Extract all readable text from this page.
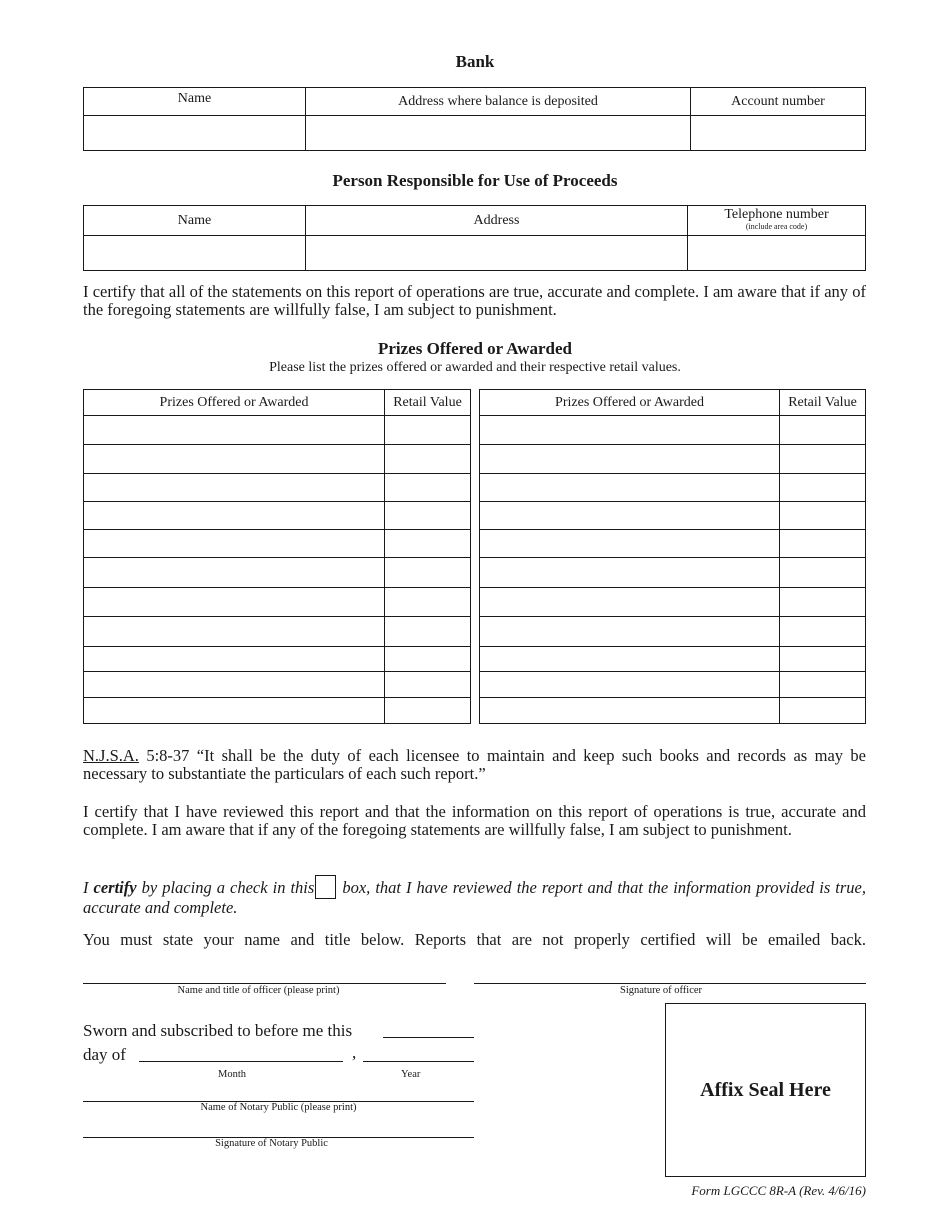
Bank
Name	Address where balance is deposited	Account number

Person Responsible for Use of Proceeds
Name	Address	Telephone number
(include area code)

I certify that all of the statements on this report of operations are true, accurate and complete. I am aware that if any of the foregoing statements are willfully false, I am subject to punishment.
Prizes Offered or Awarded
Please list the prizes offered or awarded and their respective retail values.
Prizes Offered or Awarded	Retail Value

		Prizes Offered or Awarded	Retail Value

N.J.S.A. 5:8-37 “It shall be the duty of each licensee to maintain and keep such books and records as may be necessary to substantiate the particulars of each such report.”
I certify that I have reviewed this report and that the information on this report of operations is true, accurate and complete. I am aware that if any of the foregoing statements are willfully false, I am subject to punishment.
I certify by placing a check in this box, that I have reviewed the report and that the information provided is true, accurate and complete.
You must state your name and title below. Reports that are not properly certified will be emailed back.
Name and title of officer (please print)	Signature of officer
Sworn and subscribed to before me this
day of	,
Month	Year
Name of Notary Public (please print)
Signature of Notary Public
Affix Seal Here
Form LGCCC 8R-A (Rev. 4/6/16)
